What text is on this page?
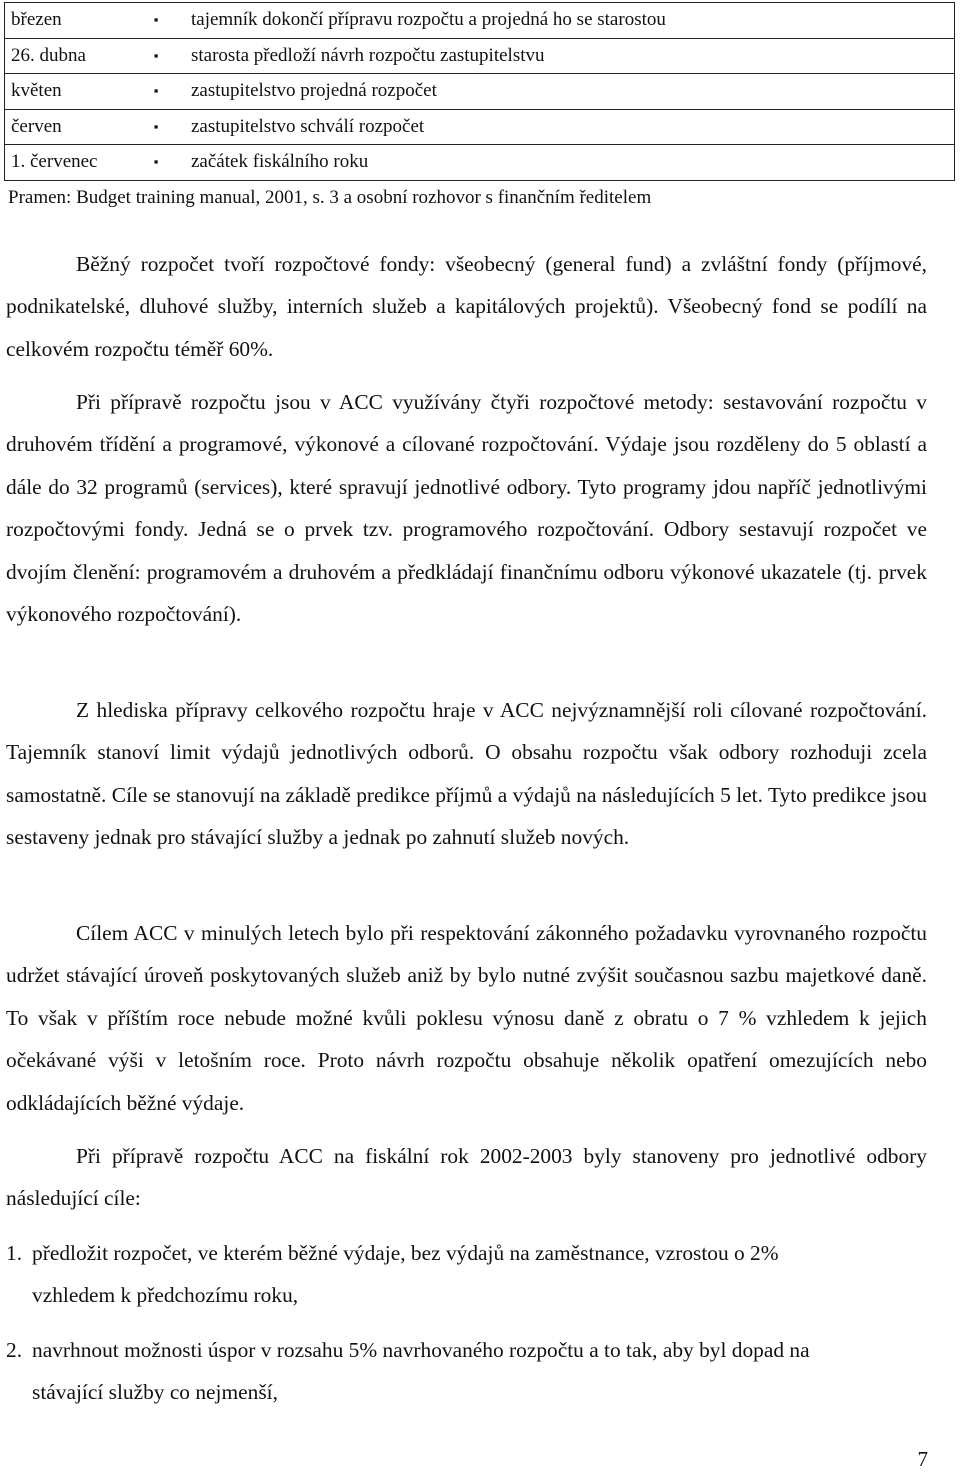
březen	▪	tajemník dokončí přípravu rozpočtu a projedná ho se starostou
26. dubna	▪	starosta předloží návrh rozpočtu zastupitelstvu
květen	▪	zastupitelstvo projedná rozpočet
červen	▪	zastupitelstvo schválí rozpočet
1. červenec	▪	začátek fiskálního roku
Pramen: Budget training manual, 2001, s. 3 a osobní rozhovor s finančním ředitelem

Běžný rozpočet tvoří rozpočtové fondy: všeobecný (general fund) a zvláštní fondy (příjmové, podnikatelské, dluhové služby, interních služeb a kapitálových projektů). Všeobecný fond se podílí na celkovém rozpočtu téměř 60%.

Při přípravě rozpočtu jsou v ACC využívány čtyři rozpočtové metody: sestavování rozpočtu v druhovém třídění a programové, výkonové a cílované rozpočtování. Výdaje jsou rozděleny do 5 oblastí a dále do 32 programů (services), které spravují jednotlivé odbory. Tyto programy jdou napříč jednotlivými rozpočtovými fondy. Jedná se o prvek tzv. programového rozpočtování. Odbory sestavují rozpočet ve dvojím členění: programovém a druhovém a předkládají finančnímu odboru výkonové ukazatele (tj. prvek výkonového rozpočtování).

Z hlediska přípravy celkového rozpočtu hraje v ACC nejvýznamnější roli cílované rozpočtování. Tajemník stanoví limit výdajů jednotlivých odborů. O obsahu rozpočtu však odbory rozhoduji zcela samostatně. Cíle se stanovují na základě predikce příjmů a výdajů na následujících 5 let. Tyto predikce jsou sestaveny jednak pro stávající služby a jednak po zahnutí služeb nových.

Cílem ACC v minulých letech bylo při respektování zákonného požadavku vyrovnaného rozpočtu udržet stávající úroveň poskytovaných služeb aniž by bylo nutné zvýšit současnou sazbu majetkové daně. To však v příštím roce nebude možné kvůli poklesu výnosu daně z obratu o 7 % vzhledem k jejich očekávané výši v letošním roce. Proto návrh rozpočtu obsahuje několik opatření omezujících nebo odkládajících běžné výdaje.

Při přípravě rozpočtu ACC na fiskální rok 2002-2003 byly stanoveny pro jednotlivé odbory následující cíle:

1. předložit rozpočet, ve kterém běžné výdaje, bez výdajů na zaměstnance, vzrostou o 2%
vzhledem k předchozímu roku,
2. navrhnout možnosti úspor v rozsahu 5% navrhovaného rozpočtu a to tak, aby byl dopad na
stávající služby co nejmenší,
7
